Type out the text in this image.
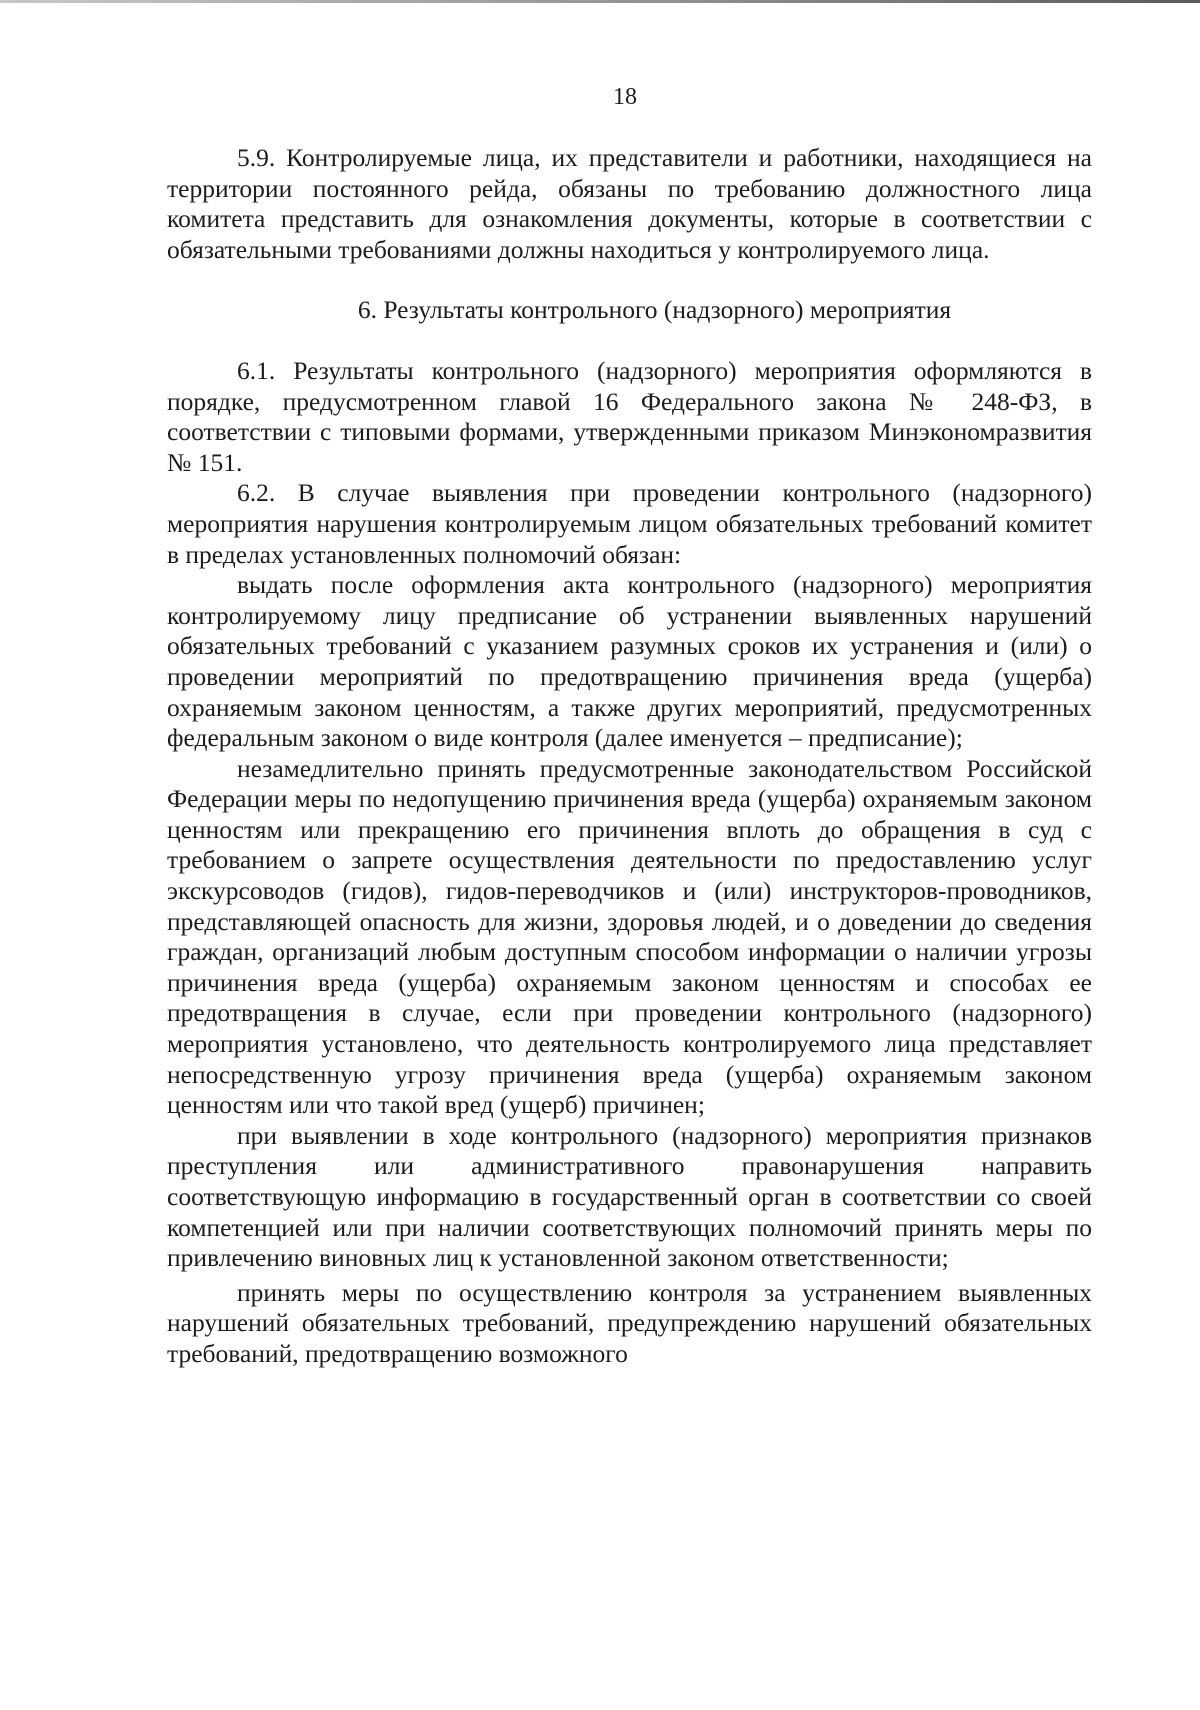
18

5.9. Контролируемые лица, их представители и работники, находящиеся на территории постоянного рейда, обязаны по требованию должностного лица комитета представить для ознакомления документы, которые в соответствии с обязательными требованиями должны находиться у контролируемого лица.

6. Результаты контрольного (надзорного) мероприятия

6.1. Результаты контрольного (надзорного) мероприятия оформляются в порядке, предусмотренном главой 16 Федерального закона № 248-ФЗ, в соответствии с типовыми формами, утвержденными приказом Минэкономразвития № 151.

6.2. В случае выявления при проведении контрольного (надзорного) мероприятия нарушения контролируемым лицом обязательных требований комитет в пределах установленных полномочий обязан:

выдать после оформления акта контрольного (надзорного) мероприятия контролируемому лицу предписание об устранении выявленных нарушений обязательных требований с указанием разумных сроков их устранения и (или) о проведении мероприятий по предотвращению причинения вреда (ущерба) охраняемым законом ценностям, а также других мероприятий, предусмотренных федеральным законом о виде контроля (далее именуется – предписание);

незамедлительно принять предусмотренные законодательством Российской Федерации меры по недопущению причинения вреда (ущерба) охраняемым законом ценностям или прекращению его причинения вплоть до обращения в суд с требованием о запрете осуществления деятельности по предоставлению услуг экскурсоводов (гидов), гидов-переводчиков и (или) инструкторов-проводников, представляющей опасность для жизни, здоровья людей, и о доведении до сведения граждан, организаций любым доступным способом информации о наличии угрозы причинения вреда (ущерба) охраняемым законом ценностям и способах ее предотвращения в случае, если при проведении контрольного (надзорного) мероприятия установлено, что деятельность контролируемого лица представляет непосредственную угрозу причинения вреда (ущерба) охраняемым законом ценностям или что такой вред (ущерб) причинен;

при выявлении в ходе контрольного (надзорного) мероприятия признаков преступления или административного правонарушения направить соответствующую информацию в государственный орган в соответствии со своей компетенцией или при наличии соответствующих полномочий принять меры по привлечению виновных лиц к установленной законом ответственности;

принять меры по осуществлению контроля за устранением выявленных нарушений обязательных требований, предупреждению нарушений обязательных требований, предотвращению возможного
